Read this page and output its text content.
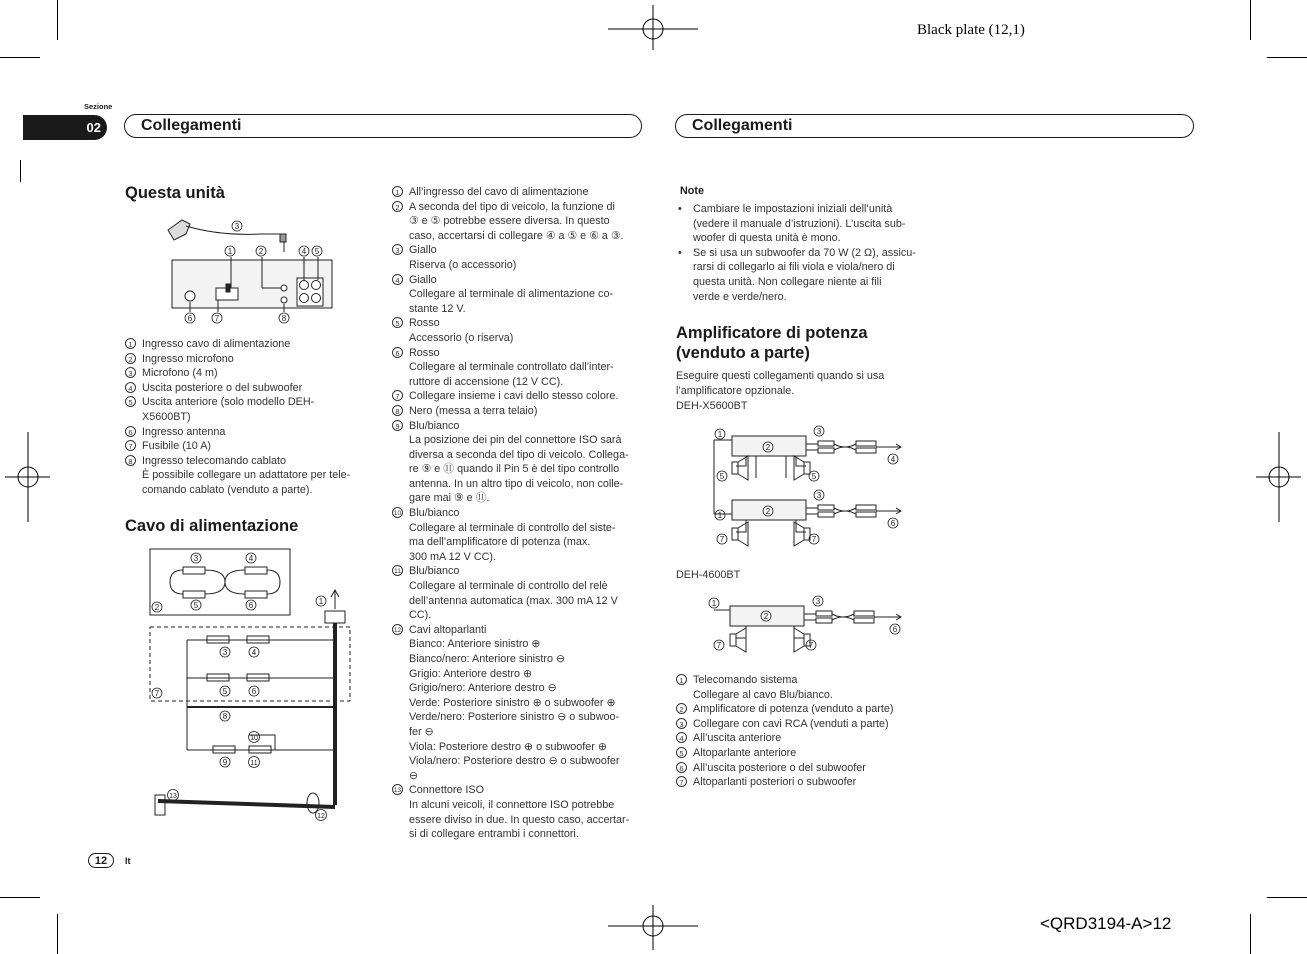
Black plate (12,1)
<QRD3194-A>12
Sezione
02	Collegamenti	Collegamenti
Questa unità
3
1	2	4 5
6	7	8
1 Ingresso cavo di alimentazione
2 Ingresso microfono
3 Microfono (4 m)
4 Uscita posteriore o del subwoofer
5 Uscita anteriore (solo modello DEH-
X5600BT)
6 Ingresso antenna
7 Fusibile (10 A)
8 Ingresso telecomando cablato
È possibile collegare un adattatore per tele-
comando cablato (venduto a parte).
Cavo di alimentazione
3	4
2	5	6	1
3	4
5	6
7
8
10
9	11
13
12
1 All’ingresso del cavo di alimentazione
2 A seconda del tipo di veicolo, la funzione di
③ e ⑤ potrebbe essere diversa. In questo
caso, accertarsi di collegare ④ a ⑤ e ⑥ a ③.
3 Giallo
Riserva (o accessorio)
4 Giallo
Collegare al terminale di alimentazione co-
stante 12 V.
5 Rosso
Accessorio (o riserva)
6 Rosso
Collegare al terminale controllato dall’inter-
ruttore di accensione (12 V CC).
7 Collegare insieme i cavi dello stesso colore.
8 Nero (messa a terra telaio)
9 Blu/bianco
La posizione dei pin del connettore ISO sarà
diversa a seconda del tipo di veicolo. Collega-
re ⑨ e ⑪ quando il Pin 5 è del tipo controllo
antenna. In un altro tipo di veicolo, non colle-
gare mai ⑨ e ⑪.
10 Blu/bianco
Collegare al terminale di controllo del siste-
ma dell’amplificatore di potenza (max.
300 mA 12 V CC).
11 Blu/bianco
Collegare al terminale di controllo del relè
dell’antenna automatica (max. 300 mA 12 V
CC).
12 Cavi altoparlanti
Bianco: Anteriore sinistro ⊕
Bianco/nero: Anteriore sinistro ⊖
Grigio: Anteriore destro ⊕
Grigio/nero: Anteriore destro ⊖
Verde: Posteriore sinistro ⊕ o subwoofer ⊕
Verde/nero: Posteriore sinistro ⊖ o subwoo-
fer ⊖
Viola: Posteriore destro ⊕ o subwoofer ⊕
Viola/nero: Posteriore destro ⊖ o subwoofer
⊖
13 Connettore ISO
In alcuni veicoli, il connettore ISO potrebbe
essere diviso in due. In questo caso, accertar-
si di collegare entrambi i connettori.
Note
• Cambiare le impostazioni iniziali dell’unità
(vedere il manuale d’istruzioni). L’uscita sub-
woofer di questa unità è mono.
• Se si usa un subwoofer da 70 W (2 Ω), assicu-
rarsi di collegarlo ai fili viola e viola/nero di
questa unità. Non collegare niente ai fili
verde e verde/nero.
Amplificatore di potenza
(venduto a parte)
Eseguire questi collegamenti quando si usa
l’amplificatore opzionale.
DEH-X5600BT
1
2
3
4
5	5
3
1	2
6
7	7
DEH-4600BT
1
2
3
6
7	7
1 Telecomando sistema
Collegare al cavo Blu/bianco.
2 Amplificatore di potenza (venduto a parte)
3 Collegare con cavi RCA (venduti a parte)
4 All’uscita anteriore
5 Altoparlante anteriore
6 All’uscita posteriore o del subwoofer
7 Altoparlanti posteriori o subwoofer
12	It
